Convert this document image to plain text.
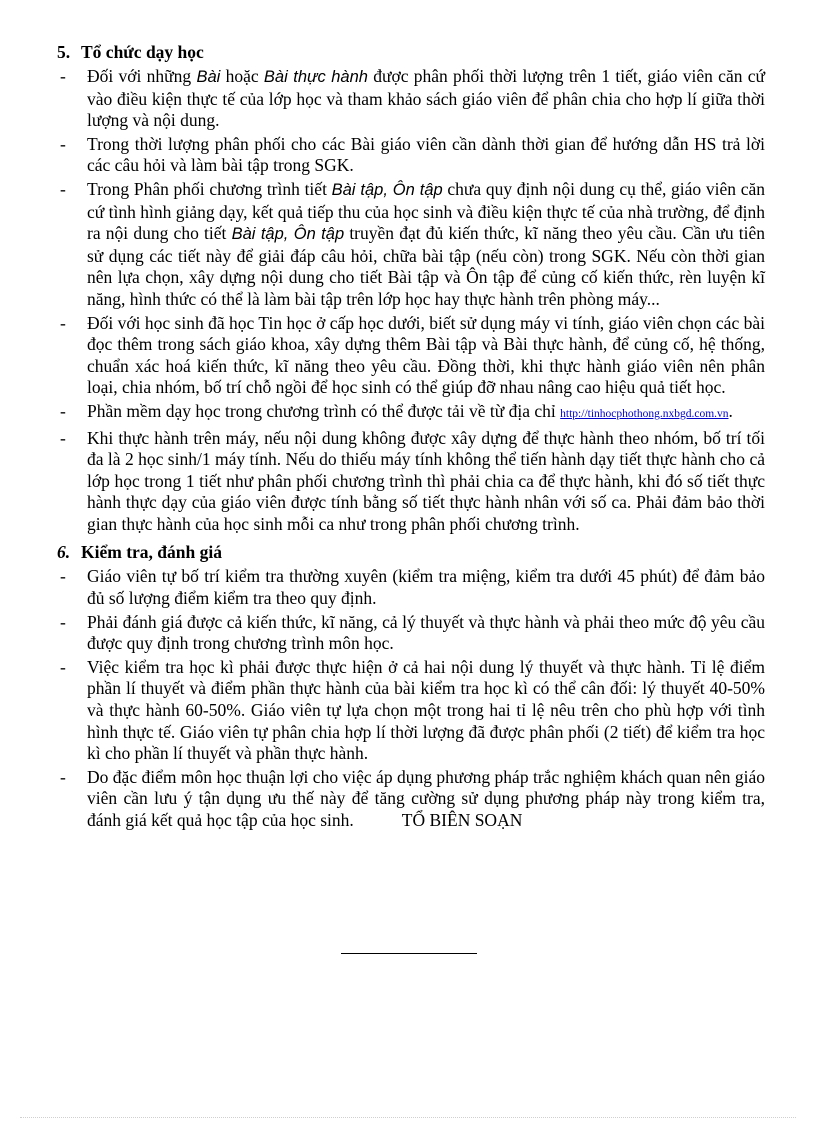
5. Tổ chức dạy học
- Đối với những Bài hoặc Bài thực hành được phân phối thời lượng trên 1 tiết, giáo viên căn cứ vào điều kiện thực tế của lớp học và tham khảo sách giáo viên để phân chia cho hợp lí giữa thời lượng và nội dung.
- Trong thời lượng phân phối cho các Bài giáo viên cần dành thời gian để hướng dẫn HS trả lời các câu hỏi và làm bài tập trong SGK.
- Trong Phân phối chương trình tiết Bài tập, Ôn tập chưa quy định nội dung cụ thể, giáo viên căn cứ tình hình giảng dạy, kết quả tiếp thu của học sinh và điều kiện thực tế của nhà trường, để định ra nội dung cho tiết Bài tập, Ôn tập truyền đạt đủ kiến thức, kĩ năng theo yêu cầu. Cần ưu tiên sử dụng các tiết này để giải đáp câu hỏi, chữa bài tập (nếu còn) trong SGK. Nếu còn thời gian nên lựa chọn, xây dựng nội dung cho tiết Bài tập và Ôn tập để củng cố kiến thức, rèn luyện kĩ năng, hình thức có thể là làm bài tập trên lớp học hay thực hành trên phòng máy...
- Đối với học sinh đã học Tin học ở cấp học dưới, biết sử dụng máy vi tính, giáo viên chọn các bài đọc thêm trong sách giáo khoa, xây dựng thêm Bài tập và Bài thực hành, để củng cố, hệ thống, chuẩn xác hoá kiến thức, kĩ năng theo yêu cầu. Đồng thời, khi thực hành giáo viên nên phân loại, chia nhóm, bố trí chỗ ngồi để học sinh có thể giúp đỡ nhau nâng cao hiệu quả tiết học.
- Phần mềm dạy học trong chương trình có thể được tải về từ địa chỉ http://tinhocphothong.nxbgd.com.vn.
- Khi thực hành trên máy, nếu nội dung không được xây dựng để thực hành theo nhóm, bố trí tối đa là 2 học sinh/1 máy tính. Nếu do thiếu máy tính không thể tiến hành dạy tiết thực hành cho cả lớp học trong 1 tiết như phân phối chương trình thì phải chia ca để thực hành, khi đó số tiết thực hành thực dạy của giáo viên được tính bằng số tiết thực hành nhân với số ca. Phải đảm bảo thời gian thực hành của học sinh mỗi ca như trong phân phối chương trình.
6. Kiểm tra, đánh giá
- Giáo viên tự bố trí kiểm tra thường xuyên (kiểm tra miệng, kiểm tra dưới 45 phút) để đảm bảo đủ số lượng điểm kiểm tra theo quy định.
- Phải đánh giá được cả kiến thức, kĩ năng, cả lý thuyết và thực hành và phải theo mức độ yêu cầu được quy định trong chương trình môn học.
- Việc kiểm tra học kì phải được thực hiện ở cả hai nội dung lý thuyết và thực hành. Tỉ lệ điểm phần lí thuyết và điểm phần thực hành của bài kiểm tra học kì có thể cân đối: lý thuyết 40-50% và thực hành 60-50%. Giáo viên tự lựa chọn một trong hai tỉ lệ nêu trên cho phù hợp với tình hình thực tế. Giáo viên tự phân chia hợp lí thời lượng đã được phân phối (2 tiết) để kiểm tra học kì cho phần lí thuyết và phần thực hành.
- Do đặc điểm môn học thuận lợi cho việc áp dụng phương pháp trắc nghiệm khách quan nên giáo viên cần lưu ý tận dụng ưu thế này để tăng cường sử dụng phương pháp này trong kiểm tra, đánh giá kết quả học tập của học sinh.	TỔ BIÊN SOẠN
